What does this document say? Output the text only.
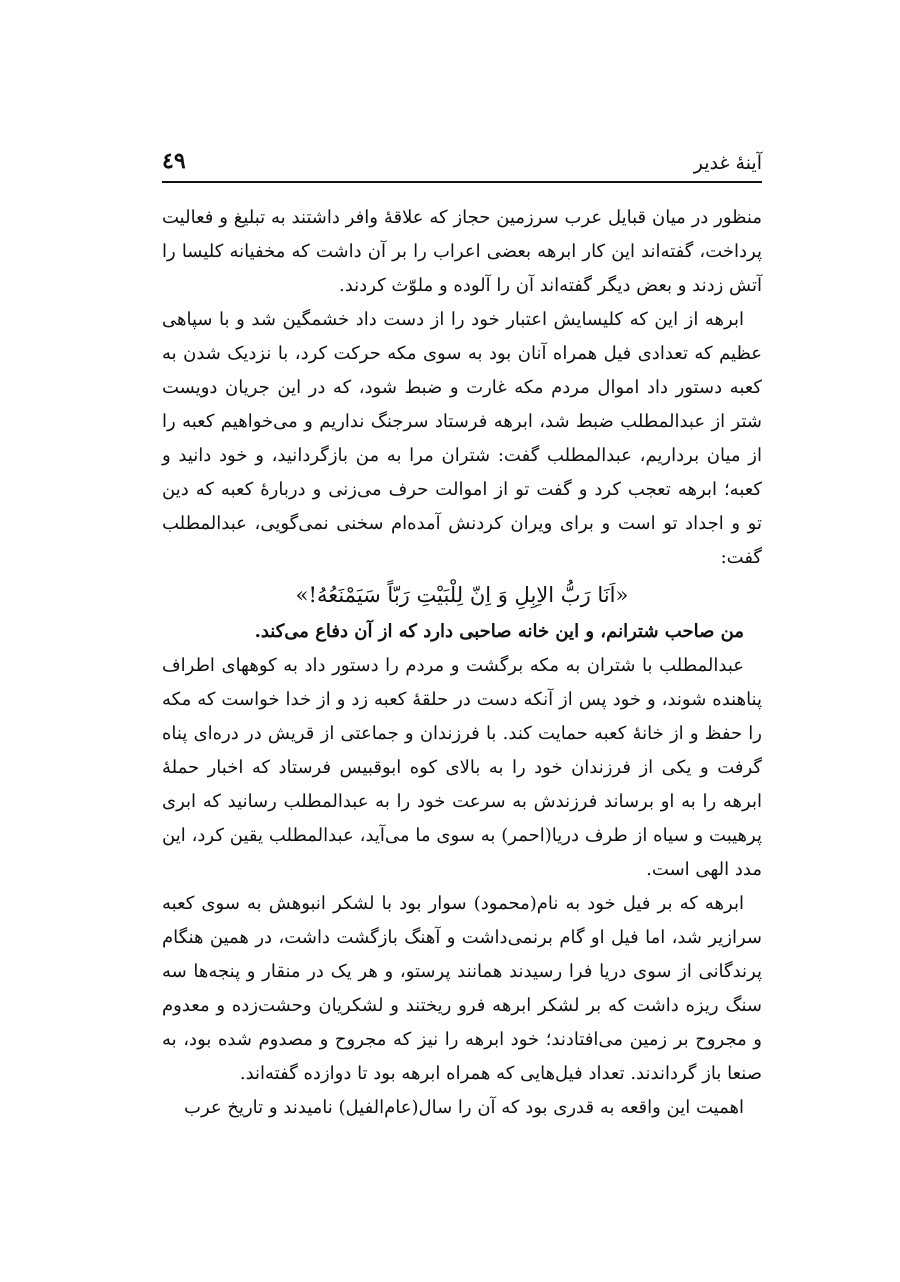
آینهٔ غدیر
٤٩

منظور در میان قبایل عرب سرزمین حجاز که علاقهٔ وافر داشتند به تبلیغ و فعالیت پرداخت، گفته‌اند این کار ابرهه بعضی اعراب را بر آن داشت که مخفیانه کلیسا را آتش زدند و بعض دیگر گفته‌اند آن را آلوده و ملوّث کردند.

ابرهه از این که کلیسایش اعتبار خود را از دست داد خشمگین شد و با سپاهی عظیم که تعدادی فیل همراه آنان بود به سوی مکه حرکت کرد، با نزدیک شدن به کعبه دستور داد اموال مردم مکه غارت و ضبط شود، که در این جریان دویست شتر از عبدالمطلب ضبط شد، ابرهه فرستاد سرجنگ نداریم و می‌خواهیم کعبه را از میان برداریم، عبدالمطلب گفت: شتران مرا به من بازگردانید، و خود دانید و کعبه؛ ابرهه تعجب کرد و گفت تو از اموالت حرف می‌زنی و دربارهٔ کعبه که دین تو و اجداد تو است و برای ویران کردنش آمده‌ام سخنی نمی‌گویی، عبدالمطلب گفت:

«اَنَا رَبُّ الاِبِلِ وَ اِنّ لِلْبَیْتِ رَبّاً سَیَمْنَعُهُ!»

من صاحب شترانم، و این خانه صاحبی دارد که از آن دفاع می‌کند.

عبدالمطلب با شتران به مکه برگشت و مردم را دستور داد به کوههای اطراف پناهنده شوند، و خود پس از آنکه دست در حلقهٔ کعبه زد و از خدا خواست که مکه را حفظ و از خانهٔ کعبه حمایت کند. با فرزندان و جماعتی از قریش در دره‌ای پناه گرفت و یکی از فرزندان خود را به بالای کوه ابوقبیس فرستاد که اخبار حملهٔ ابرهه را به او برساند فرزندش به سرعت خود را به عبدالمطلب رسانید که ابری پرهیبت و سیاه از طرف دریا(احمر) به سوی ما می‌آید، عبدالمطلب یقین کرد، این مدد الهی است.

ابرهه که بر فیل خود به نام(محمود) سوار بود با لشکر انبوهش به سوی کعبه سرازیر شد، اما فیل او گام برنمی‌داشت و آهنگ بازگشت داشت، در همین هنگام پرندگانی از سوی دریا فرا رسیدند همانند پرستو، و هر یک در منقار و پنجه‌ها سه سنگ ریزه داشت که بر لشکر ابرهه فرو ریختند و لشکریان وحشت‌زده و معدوم و مجروح بر زمین می‌افتادند؛ خود ابرهه را نیز که مجروح و مصدوم شده بود، به صنعا باز گرداندند. تعداد فیل‌هایی که همراه ابرهه بود تا دوازده گفته‌اند.

اهمیت این واقعه به قدری بود که آن را سال(عام‌الفیل) نامیدند و تاریخ عرب
